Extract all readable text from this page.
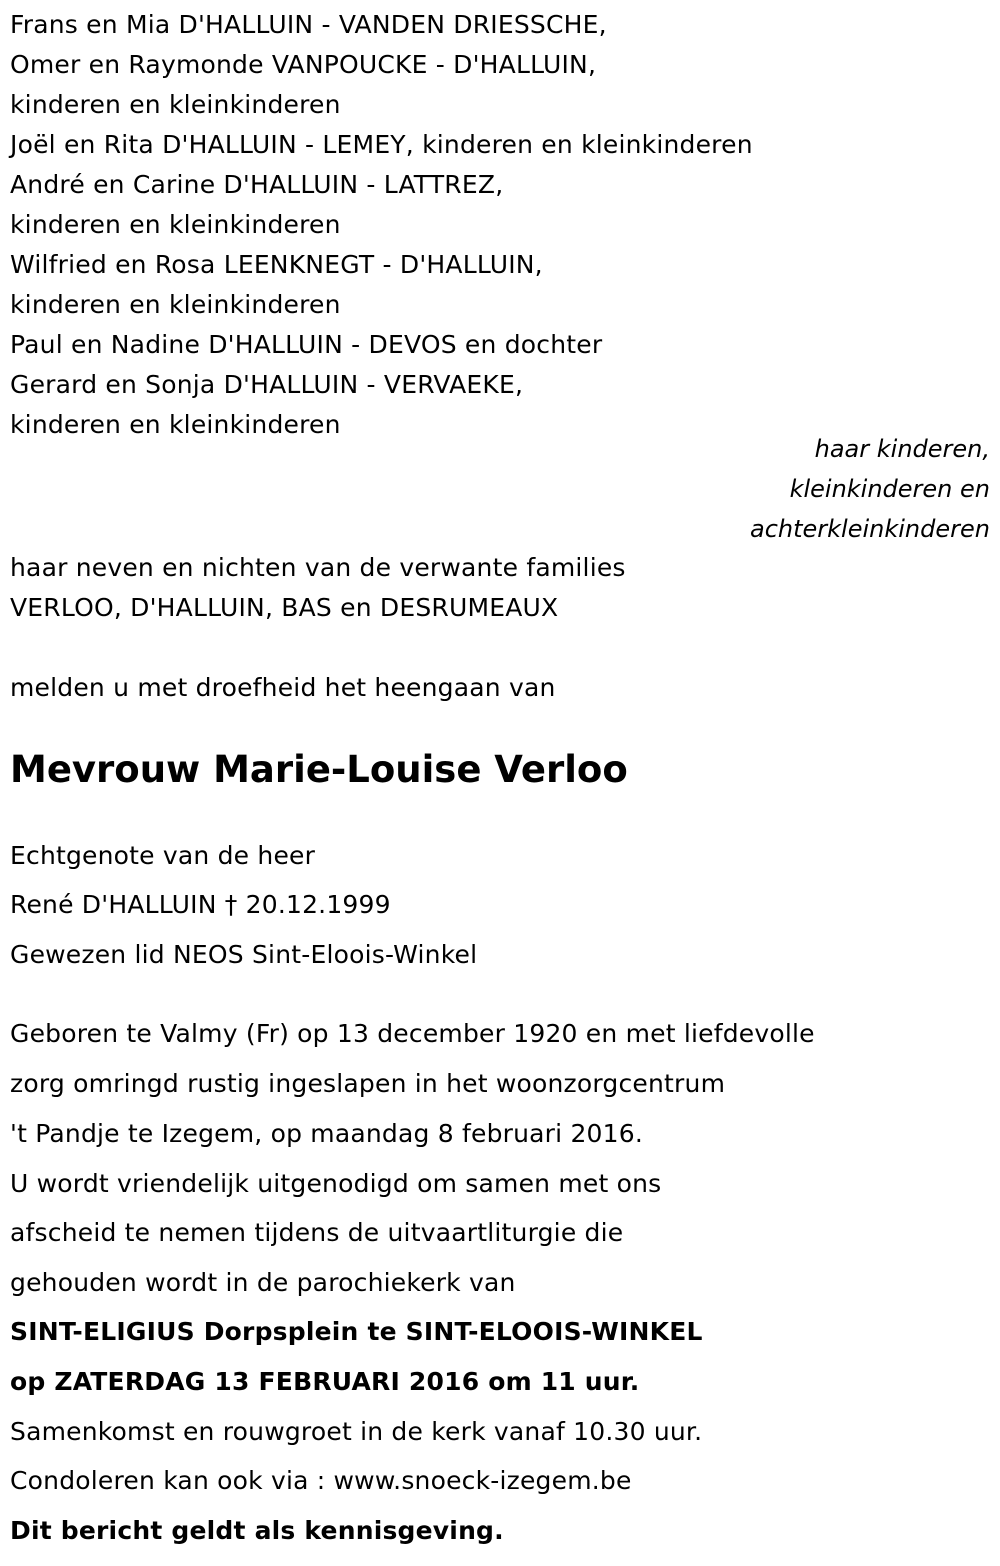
Frans en Mia D'HALLUIN - VANDEN DRIESSCHE,
Omer en Raymonde VANPOUCKE - D'HALLUIN,
kinderen en kleinkinderen
Joël en Rita D'HALLUIN - LEMEY, kinderen en kleinkinderen
André en Carine D'HALLUIN - LATTREZ,
kinderen en kleinkinderen
Wilfried en Rosa LEENKNEGT - D'HALLUIN,
kinderen en kleinkinderen
Paul en Nadine D'HALLUIN - DEVOS en dochter
Gerard en Sonja D'HALLUIN - VERVAEKE,
kinderen en kleinkinderen
haar kinderen,
kleinkinderen en
achterkleinkinderen
haar neven en nichten van de verwante families
VERLOO, D'HALLUIN, BAS en DESRUMEAUX
melden u met droefheid het heengaan van
Mevrouw Marie-Louise Verloo
Echtgenote van de heer
René D'HALLUIN † 20.12.1999
Gewezen lid NEOS Sint-Eloois-Winkel
Geboren te Valmy (Fr) op 13 december 1920 en met liefdevolle
zorg omringd rustig ingeslapen in het woonzorgcentrum
't Pandje te Izegem, op maandag 8 februari 2016.
U wordt vriendelijk uitgenodigd om samen met ons
afscheid te nemen tijdens de uitvaartliturgie die
gehouden wordt in de parochiekerk van
SINT-ELIGIUS Dorpsplein te SINT-ELOOIS-WINKEL
op ZATERDAG 13 FEBRUARI 2016 om 11 uur.
Samenkomst en rouwgroet in de kerk vanaf 10.30 uur.
Condoleren kan ook via : www.snoeck-izegem.be
Dit bericht geldt als kennisgeving.
